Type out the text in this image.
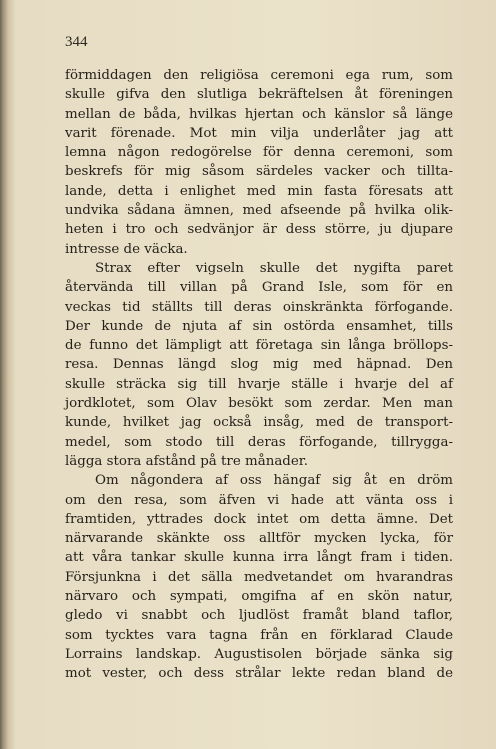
344
förmiddagen den religiösa ceremoni ega rum, som
skulle gifva den slutliga bekräftelsen åt föreningen
mellan de båda, hvilkas hjertan och känslor så länge
varit förenade. Mot min vilja underlåter jag att
lemna någon redogörelse för denna ceremoni, som
beskrefs för mig såsom särdeles vacker och tillta-
lande, detta i enlighet med min fasta föresats att
undvika sådana ämnen, med afseende på hvilka olik-
heten i tro och sedvänjor är dess större, ju djupare
intresse de väcka.
Strax efter vigseln skulle det nygifta paret
återvända till villan på Grand Isle, som för en
veckas tid ställts till deras oinskränkta förfogande.
Der kunde de njuta af sin ostörda ensamhet, tills
de funno det lämpligt att företaga sin långa bröllops-
resa. Dennas längd slog mig med häpnad. Den
skulle sträcka sig till hvarje ställe i hvarje del af
jordklotet, som Olav besökt som zerdar. Men man
kunde, hvilket jag också insåg, med de transport-
medel, som stodo till deras förfogande, tillrygga-
lägga stora afstånd på tre månader.
Om någondera af oss hängaf sig åt en dröm
om den resa, som äfven vi hade att vänta oss i
framtiden, yttrades dock intet om detta ämne. Det
närvarande skänkte oss alltför mycken lycka, för
att våra tankar skulle kunna irra långt fram i tiden.
Försjunkna i det sälla medvetandet om hvarandras
närvaro och sympati, omgifna af en skön natur,
gledo vi snabbt och ljudlöst framåt bland taflor,
som tycktes vara tagna från en förklarad Claude
Lorrains landskap. Augustisolen började sänka sig
mot vester, och dess strålar lekte redan bland de
